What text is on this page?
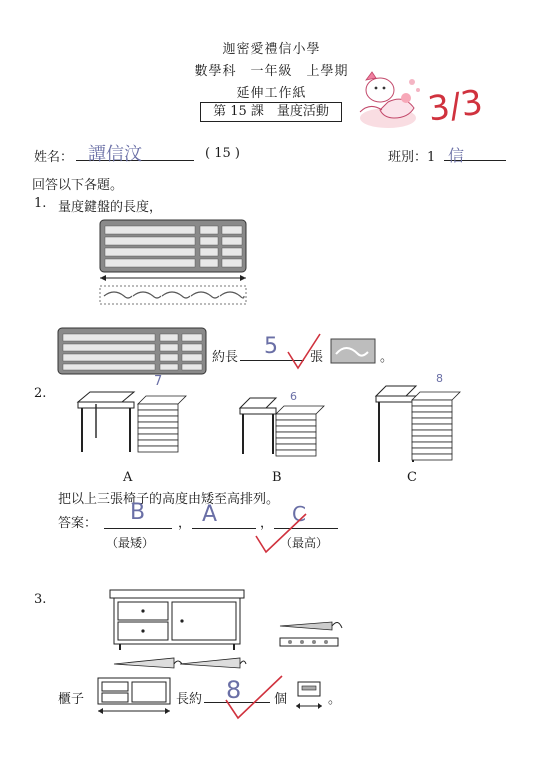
迦密愛禮信小學
數學科　一年級　上學期
延伸工作紙
第 15 課　量度活動	3/3
姓名： 譚信汶	( 15 )	班別：1 信
回答以下各題。
1. 量度鍵盤的長度，
約長 5 張	。
2.
7
A
6
B
8
C
把以上三張椅子的高度由矮至高排列。
答案： B	， A	， C
（最矮）	（最高）
3.
櫃子	長約 8	個	。
